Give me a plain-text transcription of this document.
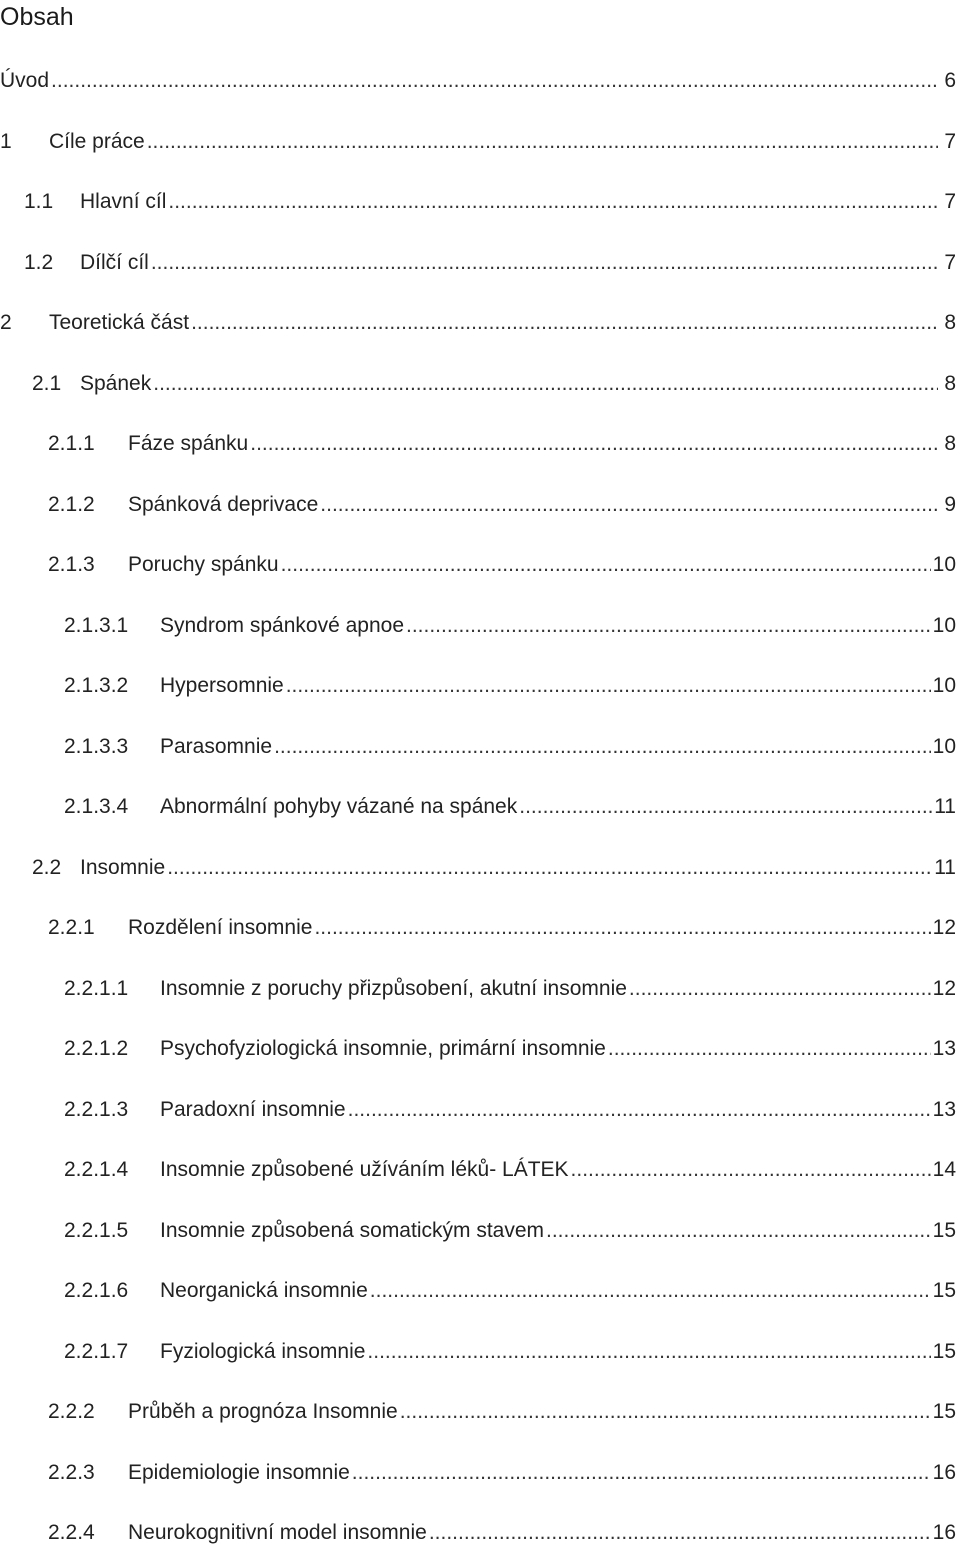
Obsah
Úvod .....	6
1	Cíle práce .....	7
1.1	Hlavní cíl .....	7
1.2	Dílčí cíl .....	7
2	Teoretická část .....	8
2.1 Spánek .....	8
2.1.1	Fáze spánku .....	8
2.1.2	Spánková deprivace .....	9
2.1.3	Poruchy spánku .....	10
2.1.3.1	Syndrom spánkové apnoe .....	10
2.1.3.2	Hypersomnie .....	10
2.1.3.3	Parasomnie .....	10
2.1.3.4	Abnormální pohyby vázané na spánek .....	11
2.2 Insomnie .....	11
2.2.1	Rozdělení insomnie .....	12
2.2.1.1	Insomnie z poruchy přizpůsobení, akutní insomnie .....	12
2.2.1.2	Psychofyziologická insomnie, primární insomnie .....	13
2.2.1.3	Paradoxní insomnie .....	13
2.2.1.4	Insomnie způsobené užíváním léků- LÁTEK .....	14
2.2.1.5	Insomnie způsobená somatickým stavem .....	15
2.2.1.6	Neorganická insomnie .....	15
2.2.1.7	Fyziologická insomnie .....	15
2.2.2	Průběh a prognóza Insomnie .....	15
2.2.3	Epidemiologie insomnie .....	16
2.2.4	Neurokognitivní model insomnie .....	16
